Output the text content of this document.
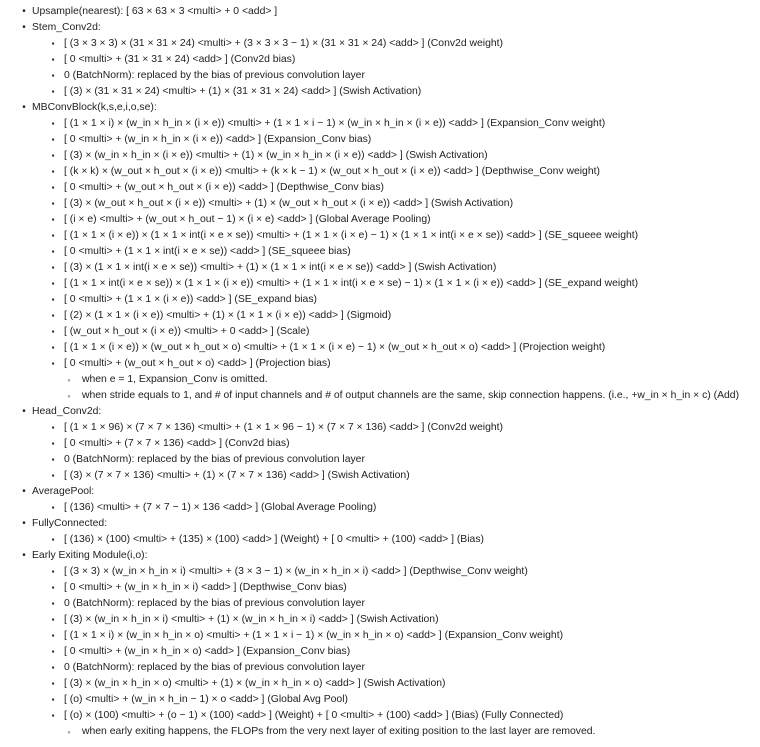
• Upsample(nearest): [ 63 × 63 × 3 <multi> + 0 <add> ]
• Stem_Conv2d:
▪ [ (3 × 3 × 3) × (31 × 31 × 24) <multi> + (3 × 3 × 3 − 1) × (31 × 31 × 24) <add> ] (Conv2d weight)
▪ [ 0 <multi> + (31 × 31 × 24) <add> ] (Conv2d bias)
▪ 0 (BatchNorm): replaced by the bias of previous convolution layer
▪ [ (3) × (31 × 31 × 24) <multi> + (1) × (31 × 31 × 24) <add> ] (Swish Activation)
• MBConvBlock(k,s,e,i,o,se):
▪ [ (1 × 1 × i) × (w_in × h_in × (i × e)) <multi> + (1 × 1 × i − 1) × (w_in × h_in × (i × e)) <add> ] (Expansion_Conv weight)
▪ [ 0 <multi> + (w_in × h_in × (i × e)) <add> ] (Expansion_Conv bias)
▪ [ (3) × (w_in × h_in × (i × e)) <multi> + (1) × (w_in × h_in × (i × e)) <add> ] (Swish Activation)
▪ [ (k × k) × (w_out × h_out × (i × e)) <multi> + (k × k − 1) × (w_out × h_out × (i × e)) <add> ] (Depthwise_Conv weight)
▪ [ 0 <multi> + (w_out × h_out × (i × e)) <add> ] (Depthwise_Conv bias)
▪ [ (3) × (w_out × h_out × (i × e)) <multi> + (1) × (w_out × h_out × (i × e)) <add> ] (Swish Activation)
▪ [ (i × e) <multi> + (w_out × h_out − 1) × (i × e) <add> ] (Global Average Pooling)
▪ [ (1 × 1 × (i × e)) × (1 × 1 × int(i × e × se)) <multi> + (1 × 1 × (i × e) − 1) × (1 × 1 × int(i × e × se)) <add> ] (SE_squeee weight)
▪ [ 0 <multi> + (1 × 1 × int(i × e × se)) <add> ] (SE_squeee bias)
▪ [ (3) × (1 × 1 × int(i × e × se)) <multi> + (1) × (1 × 1 × int(i × e × se)) <add> ] (Swish Activation)
▪ [ (1 × 1 × int(i × e × se)) × (1 × 1 × (i × e)) <multi> + (1 × 1 × int(i × e × se) − 1) × (1 × 1 × (i × e)) <add> ] (SE_expand weight)
▪ [ 0 <multi> + (1 × 1 × (i × e)) <add> ] (SE_expand bias)
▪ [ (2) × (1 × 1 × (i × e)) <multi> + (1) × (1 × 1 × (i × e)) <add> ] (Sigmoid)
▪ [ (w_out × h_out × (i × e)) <multi> + 0 <add> ] (Scale)
▪ [ (1 × 1 × (i × e)) × (w_out × h_out × o) <multi> + (1 × 1 × (i × e) − 1) × (w_out × h_out × o) <add> ] (Projection weight)
▪ [ 0 <multi> + (w_out × h_out × o) <add> ] (Projection bias)
◦	when e = 1, Expansion_Conv is omitted.
◦	when stride equals to 1, and # of input channels and # of output channels are the same, skip connection happens. (i.e., +w_in × h_in × c) (Add)
• Head_Conv2d:
▪ [ (1 × 1 × 96) × (7 × 7 × 136) <multi> + (1 × 1 × 96 − 1) × (7 × 7 × 136) <add> ] (Conv2d weight)
▪ [ 0 <multi> + (7 × 7 × 136) <add> ] (Conv2d bias)
▪ 0 (BatchNorm): replaced by the bias of previous convolution layer
▪ [ (3) × (7 × 7 × 136) <multi> + (1) × (7 × 7 × 136) <add> ] (Swish Activation)
• AveragePool:
▪ [ (136) <multi> + (7 × 7 − 1) × 136 <add> ] (Global Average Pooling)
• FullyConnected:
▪ [ (136) × (100) <multi> + (135) × (100) <add> ] (Weight) + [ 0 <multi> + (100) <add> ] (Bias)
• Early Exiting Module(i,o):
▪ [ (3 × 3) × (w_in × h_in × i) <multi> + (3 × 3 − 1) × (w_in × h_in × i) <add> ] (Depthwise_Conv weight)
▪ [ 0 <multi> + (w_in × h_in × i) <add> ] (Depthwise_Conv bias)
▪ 0 (BatchNorm): replaced by the bias of previous convolution layer
▪ [ (3) × (w_in × h_in × i) <multi> + (1) × (w_in × h_in × i) <add> ] (Swish Activation)
▪ [ (1 × 1 × i) × (w_in × h_in × o) <multi> + (1 × 1 × i − 1) × (w_in × h_in × o) <add> ] (Expansion_Conv weight)
▪ [ 0 <multi> + (w_in × h_in × o) <add> ] (Expansion_Conv bias)
▪ 0 (BatchNorm): replaced by the bias of previous convolution layer
▪ [ (3) × (w_in × h_in × o) <multi> + (1) × (w_in × h_in × o) <add> ] (Swish Activation)
▪ [ (o) <multi> + (w_in × h_in − 1) × o <add> ] (Global Avg Pool)
▪ [ (o) × (100) <multi> + (o − 1) × (100) <add> ] (Weight) + [ 0 <multi> + (100) <add> ] (Bias) (Fully Connected)
◦	when early exiting happens, the FLOPs from the very next layer of exiting position to the last layer are removed.
